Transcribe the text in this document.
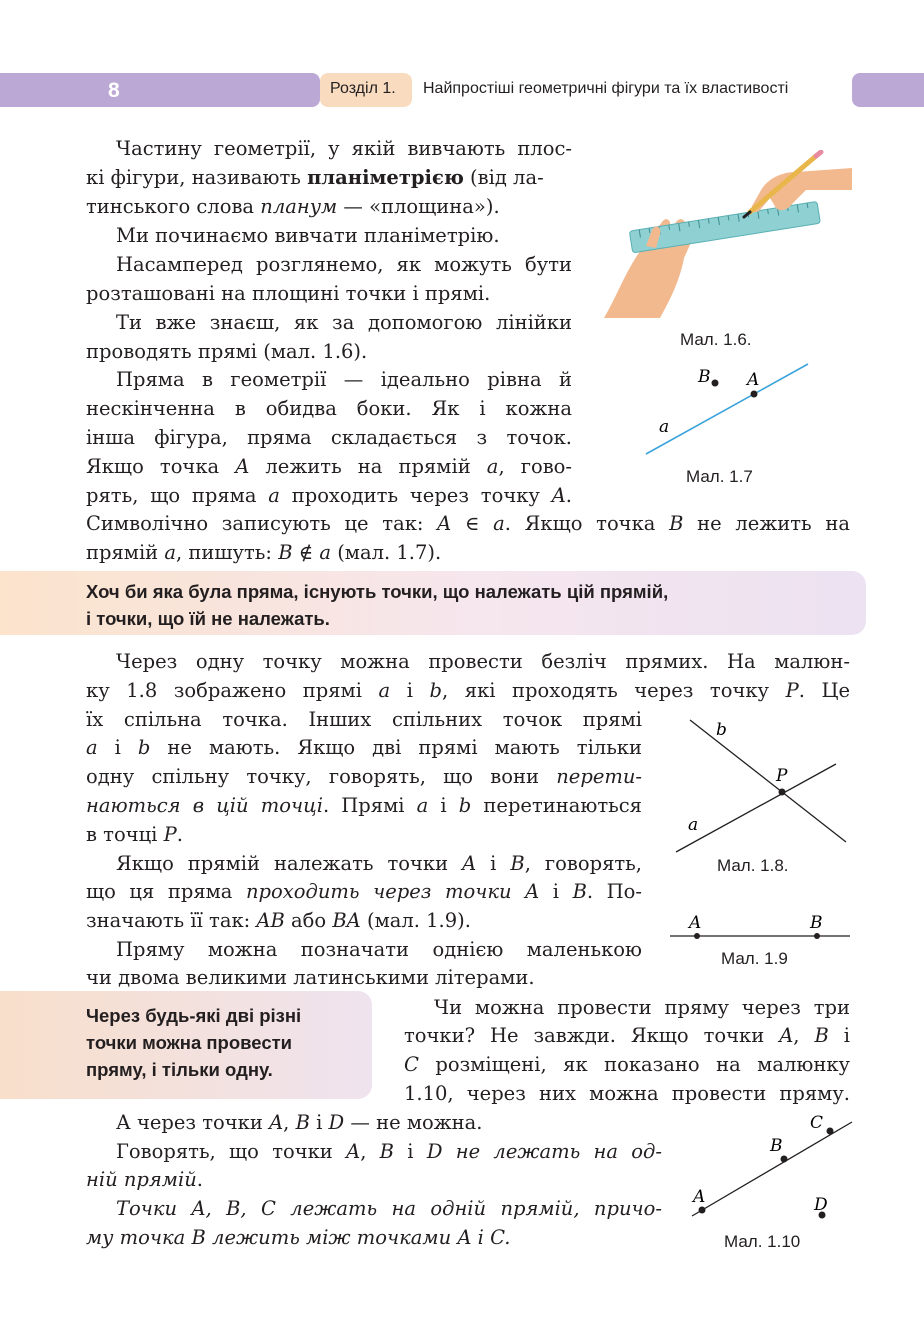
8	Розділ 1. Найпростіші геометричні фігури та їх властивості
Частину геометрії, у якій вивчають плос-
кі фігури, називають планіметрією (від ла-
тинського слова планум — «площина»).
Ми починаємо вивчати планіметрію.
Насамперед розглянемо, як можуть бути
розташовані на площині точки і прямі.
Ти вже знаєш, як за допомогою лінійки
проводять прямі (мал. 1.6).
Пряма в геометрії — ідеально рівна й
нескінченна в обидва боки. Як і кожна
інша фігура, пряма складається з точок.
Якщо точка A лежить на прямій a, гово-
рять, що пряма a проходить через точку A.
Символічно записують це так: A ∈ a. Якщо точка B не лежить на
прямій a, пишуть: B ∉ a (мал. 1.7).
Хоч би яка була пряма, існують точки, що належать цій прямій,
і точки, що їй не належать.
Через одну точку можна провести безліч прямих. На малюн-
ку 1.8 зображено прямі a і b, які проходять через точку P. Це
їх спільна точка. Інших спільних точок прямі
a і b не мають. Якщо дві прямі мають тільки
одну спільну точку, говорять, що вони перети-
наються в цій точці. Прямі a і b перетинаються
в точці P.
Якщо прямій належать точки A і B, говорять,
що ця пряма проходить через точки A і B. По-
значають її так: AB або BA (мал. 1.9).
Пряму можна позначати однією маленькою
чи двома великими латинськими літерами.
Через будь-які дві різні
точки можна провести
пряму, і тільки одну.
Чи можна провести пряму через три
точки? Не завжди. Якщо точки A, B і
C розміщені, як показано на малюнку
1.10, через них можна провести пряму.
А через точки A, B і D — не можна.
Говорять, що точки A, B і D не лежать на од-
ній прямій.
Точки A, B, C лежать на одній прямій, причо-
му точка B лежить між точками A і C.
Мал. 1.6.
B A
a
Мал. 1.7
b
P
a
Мал. 1.8.
A	B
Мал. 1.9
C
B
A	D
Мал. 1.10
